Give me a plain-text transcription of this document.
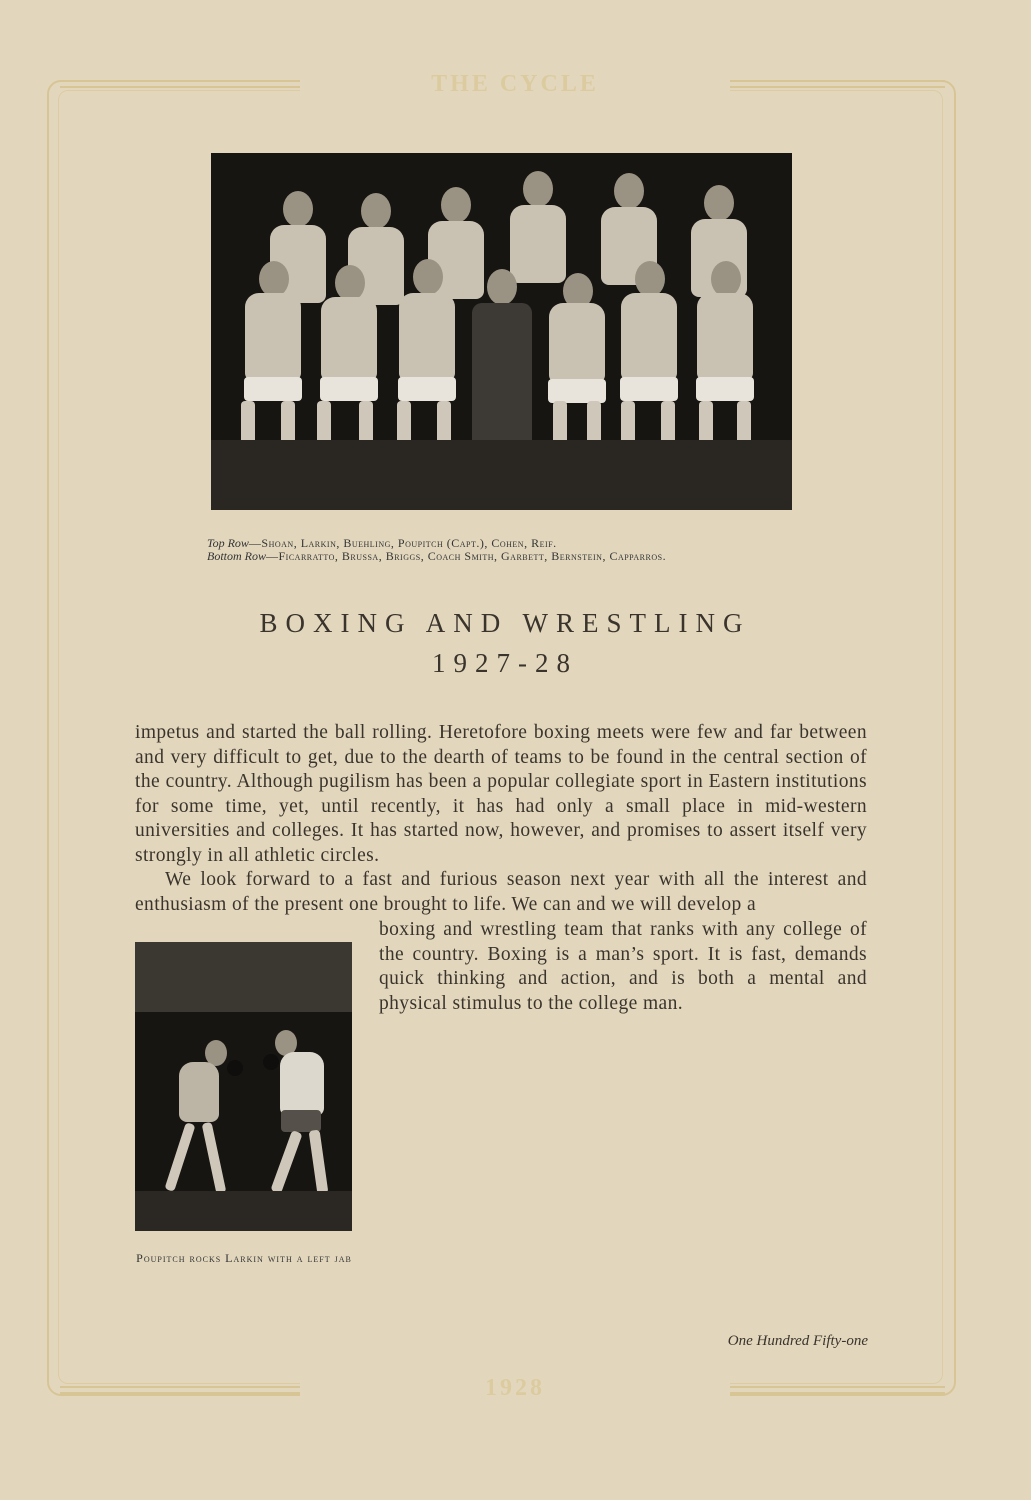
THE CYCLE
1928
Top Row—Shoan, Larkin, Buehling, Poupitch (Capt.), Cohen, Reif.
Bottom Row—Ficarratto, Brussa, Briggs, Coach Smith, Garbett, Bernstein, Capparros.
BOXING AND WRESTLING
1927-28

impetus and started the ball rolling. Heretofore boxing meets were few and far between and very difficult to get, due to the dearth of teams to be found in the central section of the country. Although pugilism has been a popular collegiate sport in Eastern institutions for some time, yet, until recently, it has had only a small place in mid-western universities and colleges. It has started now, however, and promises to assert itself very strongly in all athletic circles.

We look forward to a fast and furious season next year with all the interest and enthusiasm of the present one brought to life. We can and we will develop a

boxing and wrestling team that ranks with any college of the country. Boxing is a man’s sport. It is fast, demands quick thinking and action, and is both a mental and physical stimulus to the college man.

Poupitch rocks Larkin with a left jab
One Hundred Fifty-one
